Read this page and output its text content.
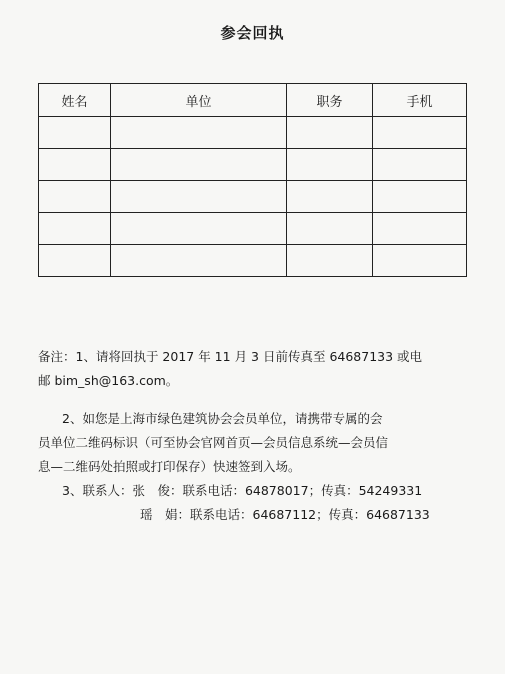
参会回执
姓名	单位	职务	手机

备注：1、请将回执于 2017 年 11 月 3 日前传真至 64687133 或电
邮 bim_sh@163.com。
2、如您是上海市绿色建筑协会会员单位，请携带专属的会
员单位二维码标识（可至协会官网首页—会员信息系统—会员信
息—二维码处拍照或打印保存）快速签到入场。
3、联系人：张　俊：联系电话：64878017；传真：54249331
瑶　娟：联系电话：64687112；传真：64687133
